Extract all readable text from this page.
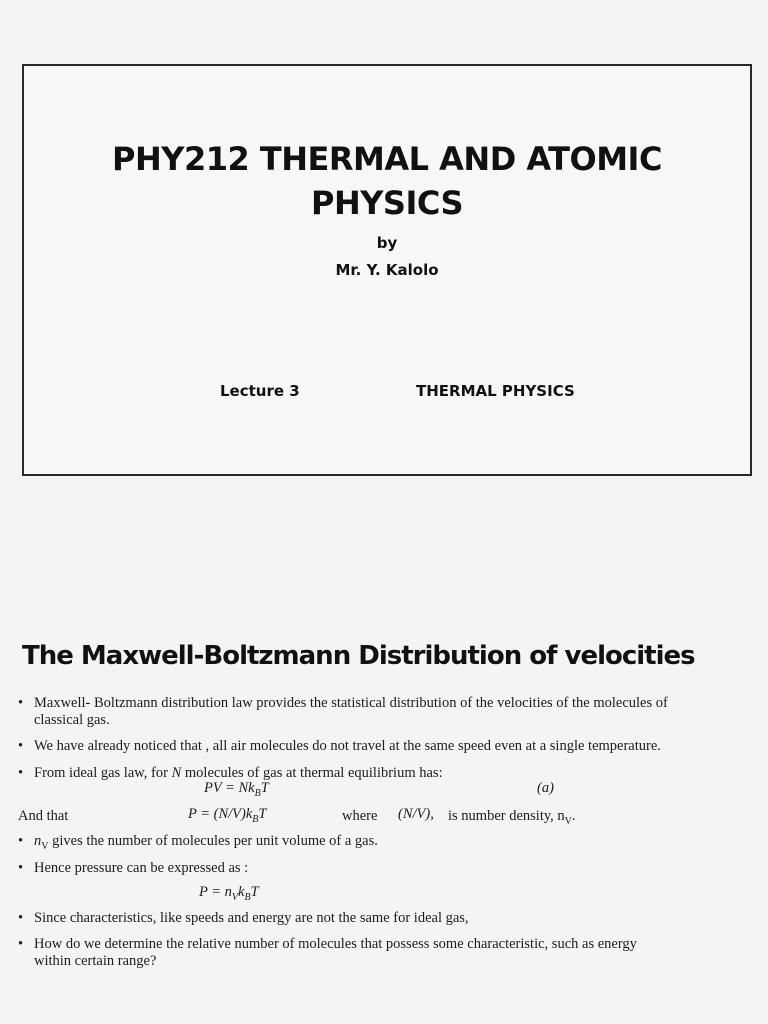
PHY212 THERMAL AND ATOMIC
PHYSICS
by
Mr. Y. Kalolo
Lecture 3	THERMAL PHYSICS
The Maxwell-Boltzmann Distribution of velocities
• Maxwell- Boltzmann distribution law provides the statistical distribution of the velocities of the molecules of
classical gas.
• We have already noticed that , all air molecules do not travel at the same speed even at a single temperature.
• From ideal gas law, for N molecules of gas at thermal equilibrium has:
PV = $Nk_BT$	(a)
And that	$P = (N/V)k_BT$	where (N/V), is number density, $n_V$.
• $n_V$ gives the number of molecules per unit volume of a gas.
• Hence pressure can be expressed as :
$P = n_Vk_BT$
• Since characteristics, like speeds and energy are not the same for ideal gas,
• How do we determine the relative number of molecules that possess some characteristic, such as energy
within certain range?
